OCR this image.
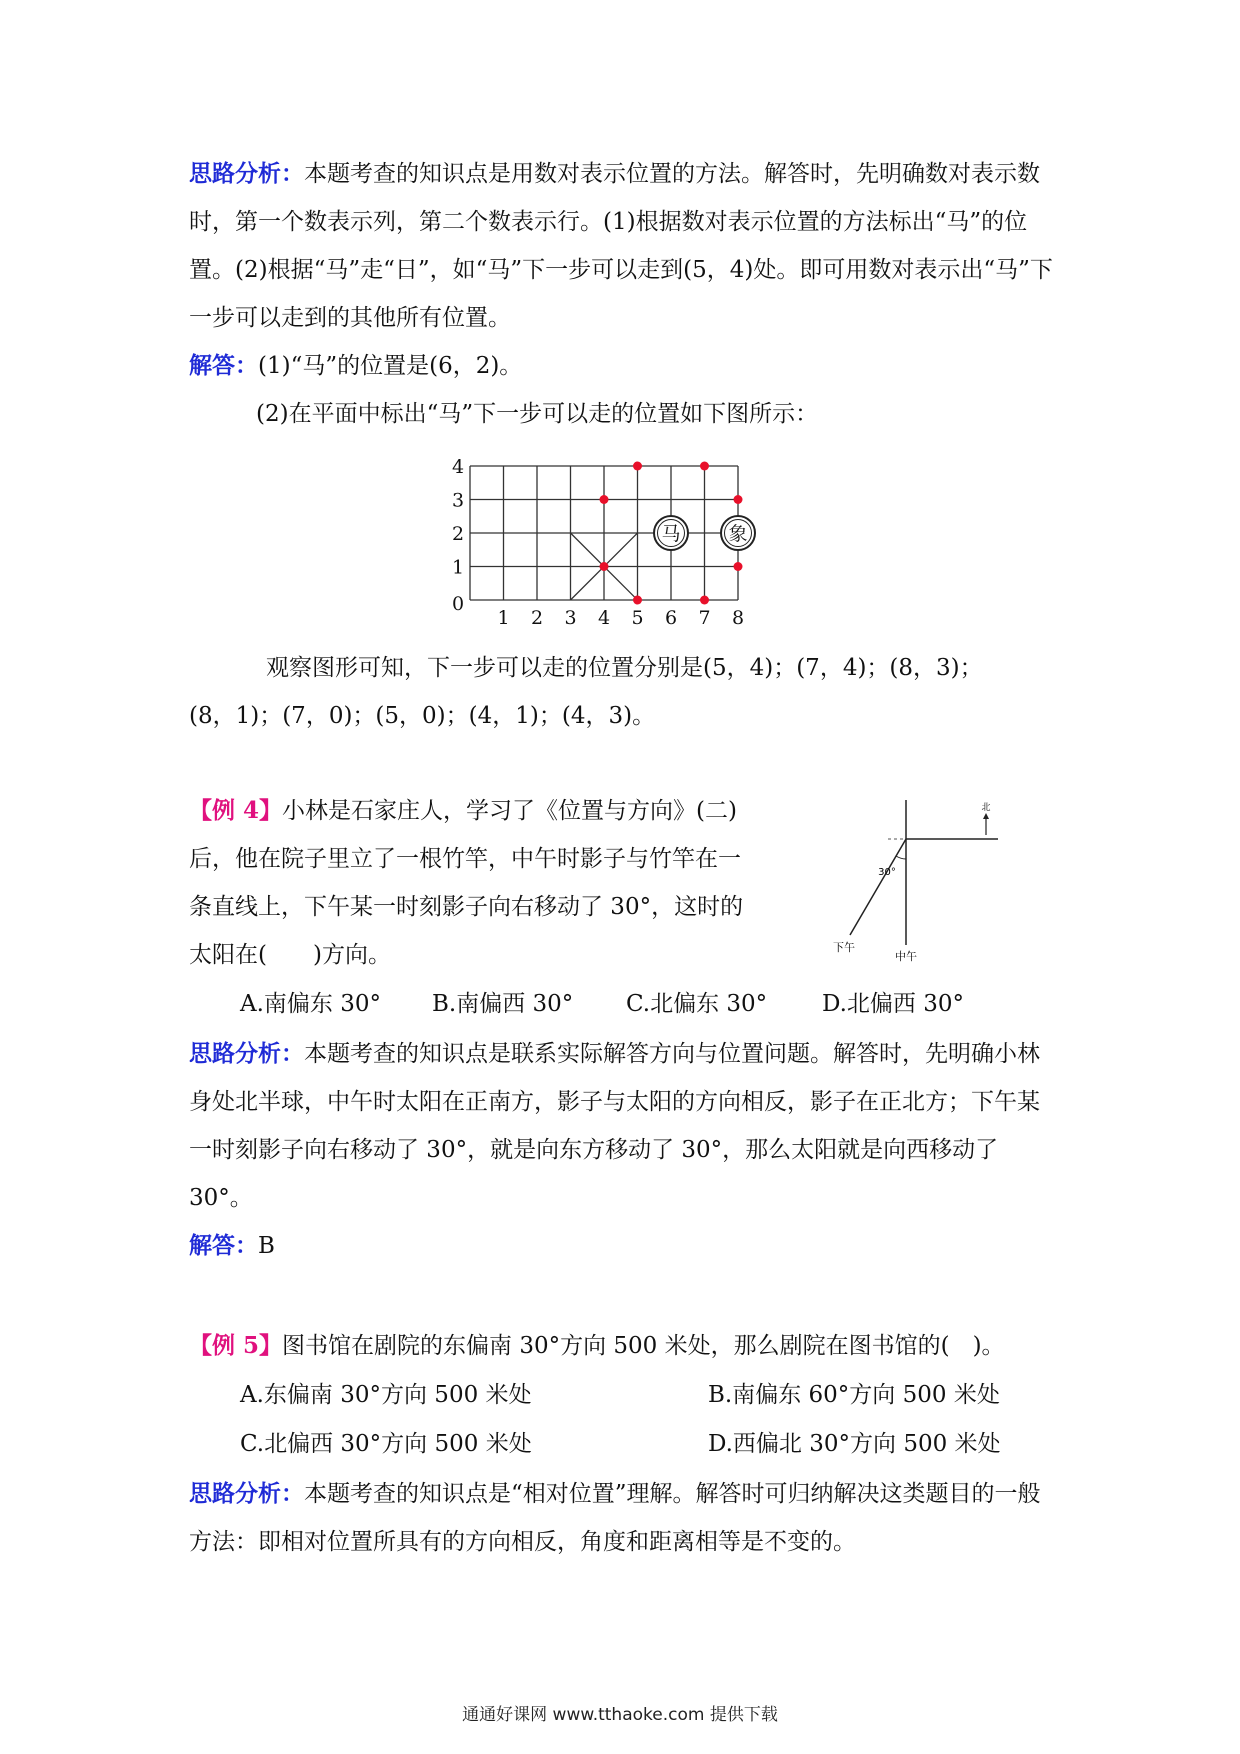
思路分析：本题考查的知识点是用数对表示位置的方法。解答时，先明确数对表示数时，第一个数表示列，第二个数表示行。(1)根据数对表示位置的方法标出“马”的位置。(2)根据“马”走“日”，如“马”下一步可以走到(5，4)处。即可用数对表示出“马”下一步可以走到的其他所有位置。

解答：(1)“马”的位置是(6，2)。

(2)在平面中标出“马”下一步可以走的位置如下图所示：

1 2 3 4 5 6 7 8
0
1
2
3
4
马	象

观察图形可知，下一步可以走的位置分别是(5，4)；(7，4)；(8，3)；

(8，1)；(7，0)；(5，0)；(4，1)；(4，3)。

【例 4】小林是石家庄人，学习了《位置与方向》(二)

后，他在院子里立了一根竹竿，中午时影子与竹竿在一

条直线上，下午某一时刻影子向右移动了 30°，这时的

太阳在(　　)方向。

北
30°
下午
中午
A.南偏东 30° B.南偏西 30° C.北偏东 30° D.北偏西 30°

思路分析：本题考查的知识点是联系实际解答方向与位置问题。解答时，先明确小林身处北半球，中午时太阳在正南方，影子与太阳的方向相反，影子在正北方；下午某一时刻影子向右移动了 30°，就是向东方移动了 30°，那么太阳就是向西移动了 30°。

解答：B

【例 5】图书馆在剧院的东偏南 30°方向 500 米处，那么剧院在图书馆的(　)。

A.东偏南 30°方向 500 米处	B.南偏东 60°方向 500 米处
C.北偏西 30°方向 500 米处	D.西偏北 30°方向 500 米处

思路分析：本题考查的知识点是“相对位置”理解。解答时可归纳解决这类题目的一般方法：即相对位置所具有的方向相反，角度和距离相等是不变的。

通通好课网 www.tthaoke.com 提供下载
